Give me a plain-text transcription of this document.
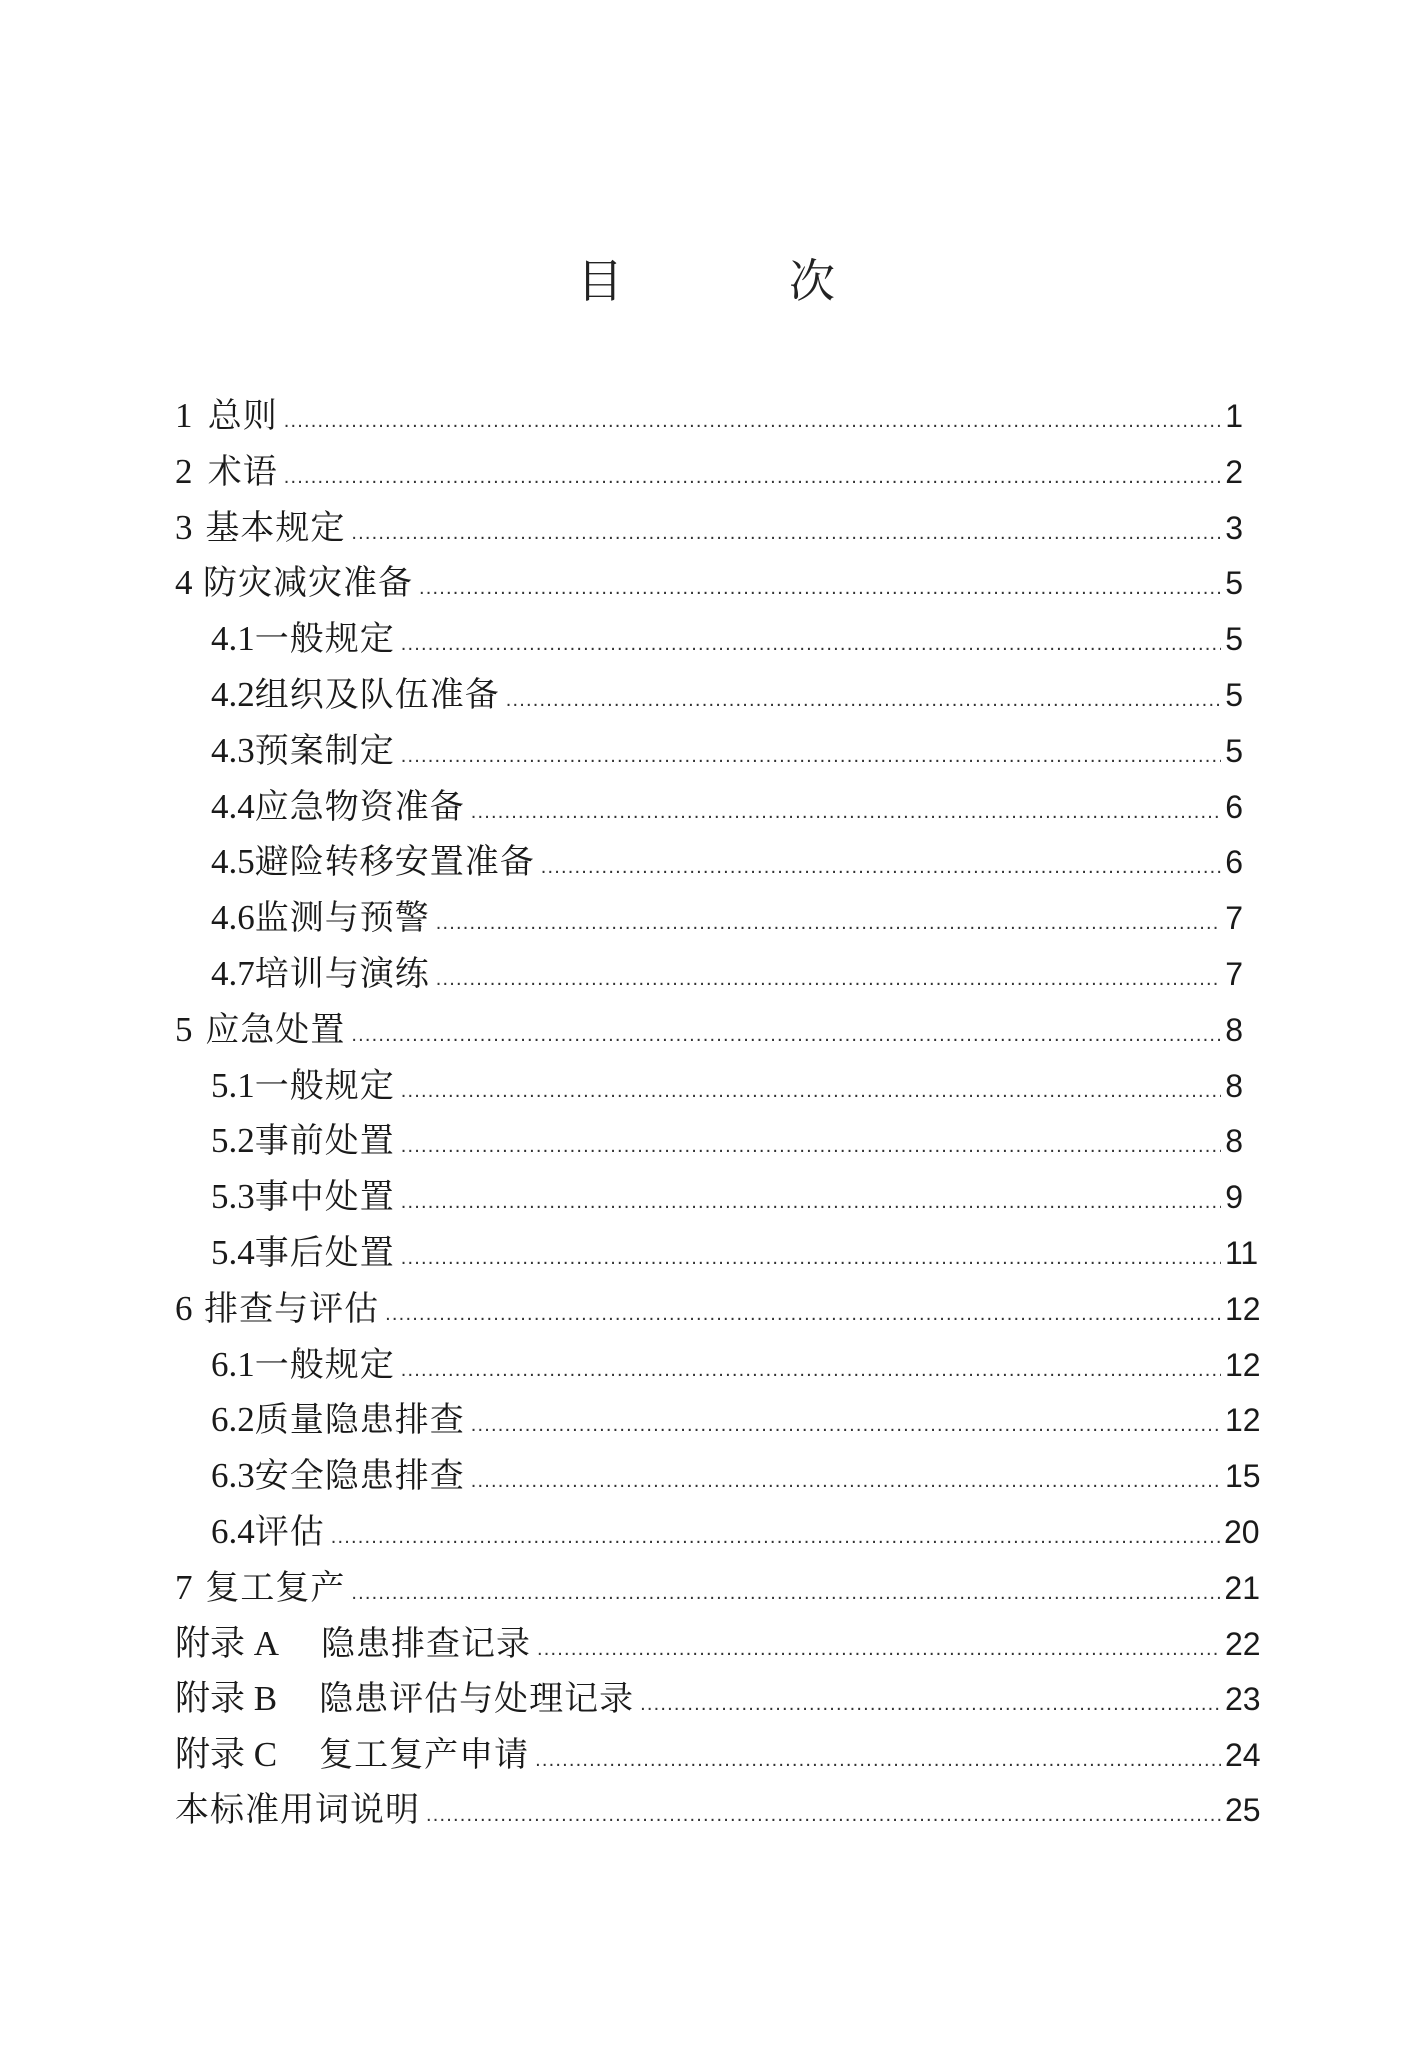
目　次
1 总则 .....	1
2 术语 .....	2
3 基本规定 .....	3
4 防灾减灾准备 .....	5
4.1 一般规定 .....	5
4.2 组织及队伍准备 .....	5
4.3 预案制定 .....	5
4.4 应急物资准备 .....	6
4.5 避险转移安置准备 .....	6
4.6 监测与预警 .....	7
4.7 培训与演练 .....	7
5 应急处置 .....	8
5.1 一般规定 .....	8
5.2 事前处置 .....	8
5.3 事中处置 .....	9
5.4 事后处置 .....	11
6 排查与评估 .....	12
6.1 一般规定 .....	12
6.2 质量隐患排查 .....	12
6.3 安全隐患排查 .....	15
6.4 评估 .....	20
7 复工复产 .....	21
附录 A 隐患排查记录 .....	22
附录 B 隐患评估与处理记录 .....	23
附录 C 复工复产申请 .....	24
本标准用词说明 .....	25
